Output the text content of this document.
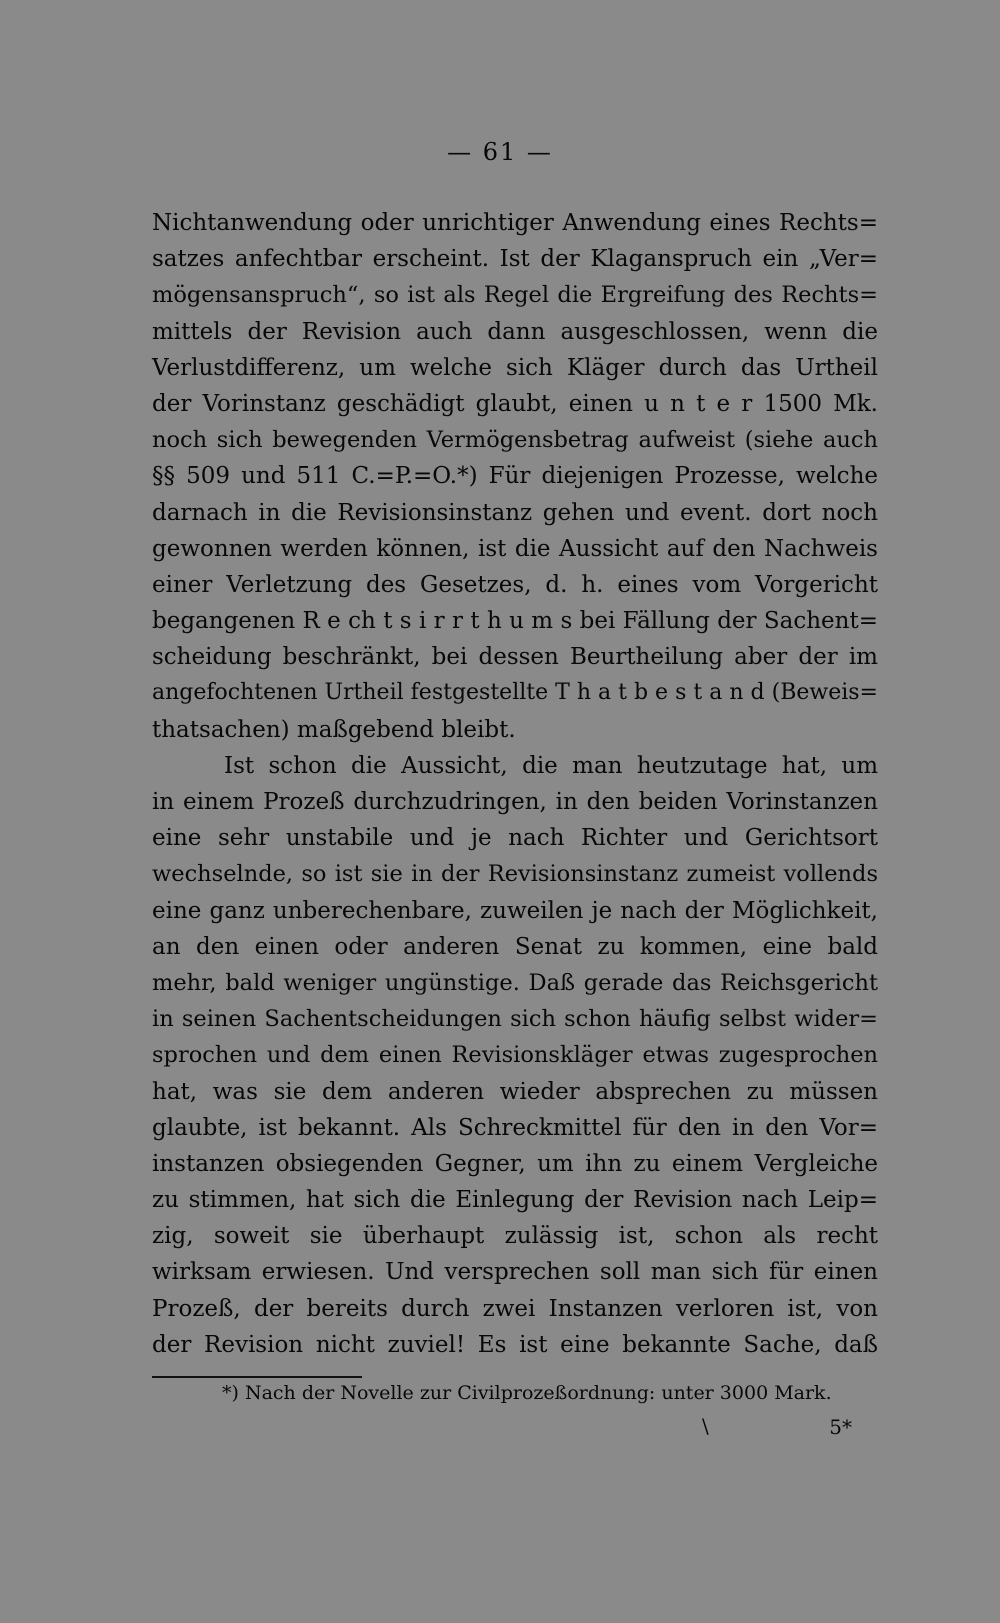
— 61 —
Nichtanwendung oder unrichtiger Anwendung eines Rechts=
satzes anfechtbar erscheint. Ist der Klaganspruch ein „Ver=
mögensanspruch“, so ist als Regel die Ergreifung des Rechts=
mittels der Revision auch dann ausgeschlossen, wenn die
Verlustdifferenz, um welche sich Kläger durch das Urtheil
der Vorinstanz geschädigt glaubt, einen u n t e r 1500 Mk.
noch sich bewegenden Vermögensbetrag aufweist (siehe auch
§§ 509 und 511 C.=P.=O.*) Für diejenigen Prozesse, welche
darnach in die Revisionsinstanz gehen und event. dort noch
gewonnen werden können, ist die Aussicht auf den Nachweis
einer Verletzung des Gesetzes, d. h. eines vom Vorgericht
begangenen R e ch t s i r r t h u m s bei Fällung der Sachent=
scheidung beschränkt, bei dessen Beurtheilung aber der im
angefochtenen Urtheil festgestellte T h a t b e s t a n d (Beweis=
thatsachen) maßgebend bleibt.
Ist schon die Aussicht, die man heutzutage hat, um
in einem Prozeß durchzudringen, in den beiden Vorinstanzen
eine sehr unstabile und je nach Richter und Gerichtsort
wechselnde, so ist sie in der Revisionsinstanz zumeist vollends
eine ganz unberechenbare, zuweilen je nach der Möglichkeit,
an den einen oder anderen Senat zu kommen, eine bald
mehr, bald weniger ungünstige. Daß gerade das Reichsgericht
in seinen Sachentscheidungen sich schon häufig selbst wider=
sprochen und dem einen Revisionskläger etwas zugesprochen
hat, was sie dem anderen wieder absprechen zu müssen
glaubte, ist bekannt. Als Schreckmittel für den in den Vor=
instanzen obsiegenden Gegner, um ihn zu einem Vergleiche
zu stimmen, hat sich die Einlegung der Revision nach Leip=
zig, soweit sie überhaupt zulässig ist, schon als recht
wirksam erwiesen. Und versprechen soll man sich für einen
Prozeß, der bereits durch zwei Instanzen verloren ist, von
der Revision nicht zuviel! Es ist eine bekannte Sache, daß
*) Nach der Novelle zur Civilprozeßordnung: unter 3000 Mark.
\	5*
